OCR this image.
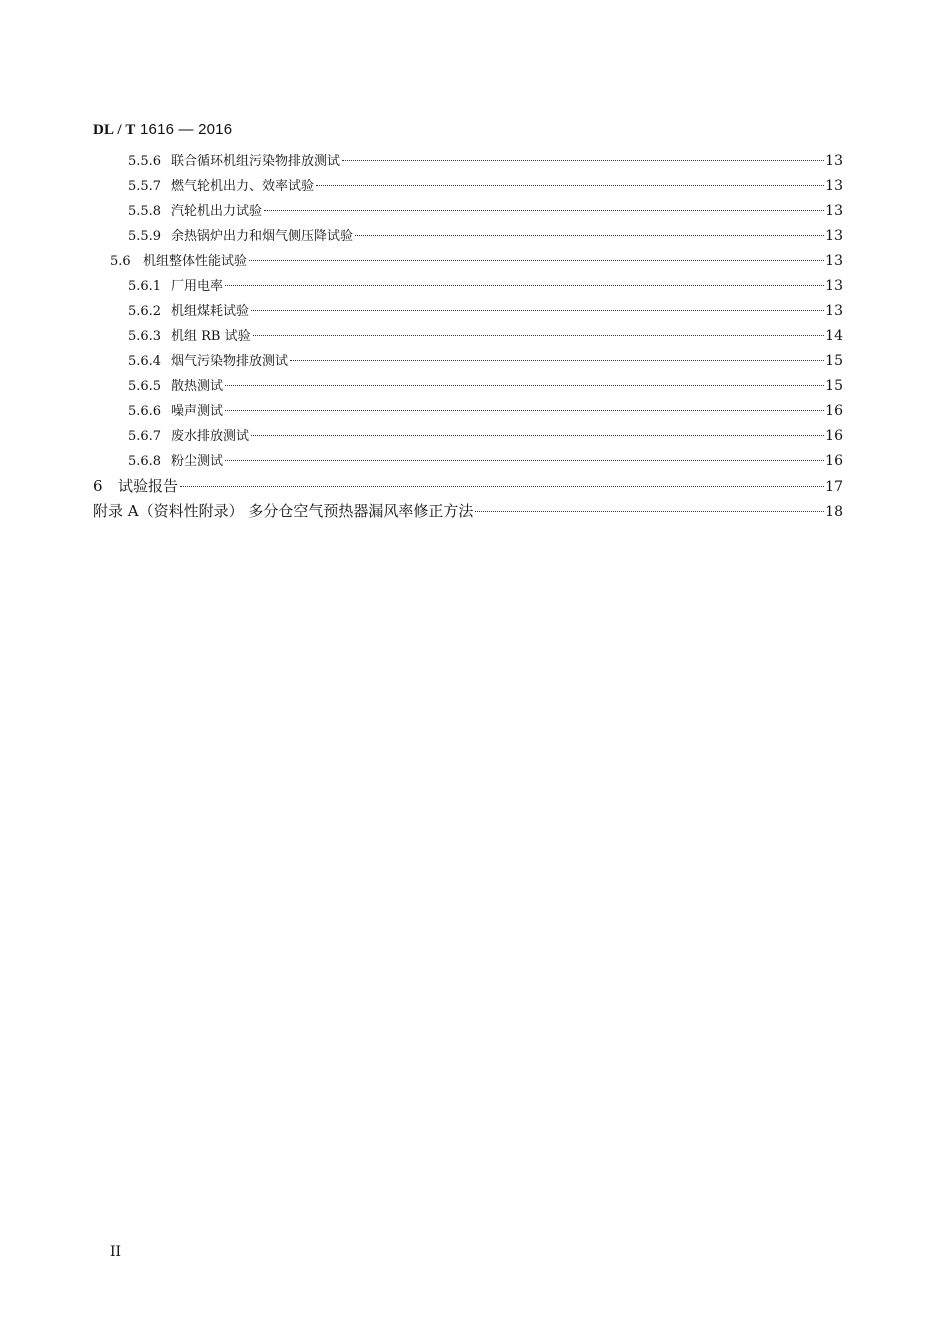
DL / T 1616 — 2016
5.5.6 联合循环机组污染物排放测试	13
5.5.7 燃气轮机出力、效率试验	13
5.5.8 汽轮机出力试验	13
5.5.9 余热锅炉出力和烟气侧压降试验	13
5.6 机组整体性能试验	13
5.6.1 厂用电率	13
5.6.2 机组煤耗试验	13
5.6.3 机组 RB 试验	14
5.6.4 烟气污染物排放测试	15
5.6.5 散热测试	15
5.6.6 噪声测试	16
5.6.7 废水排放测试	16
5.6.8 粉尘测试	16
6	试验报告	17
附录 A（资料性附录） 多分仓空气预热器漏风率修正方法	18
II
